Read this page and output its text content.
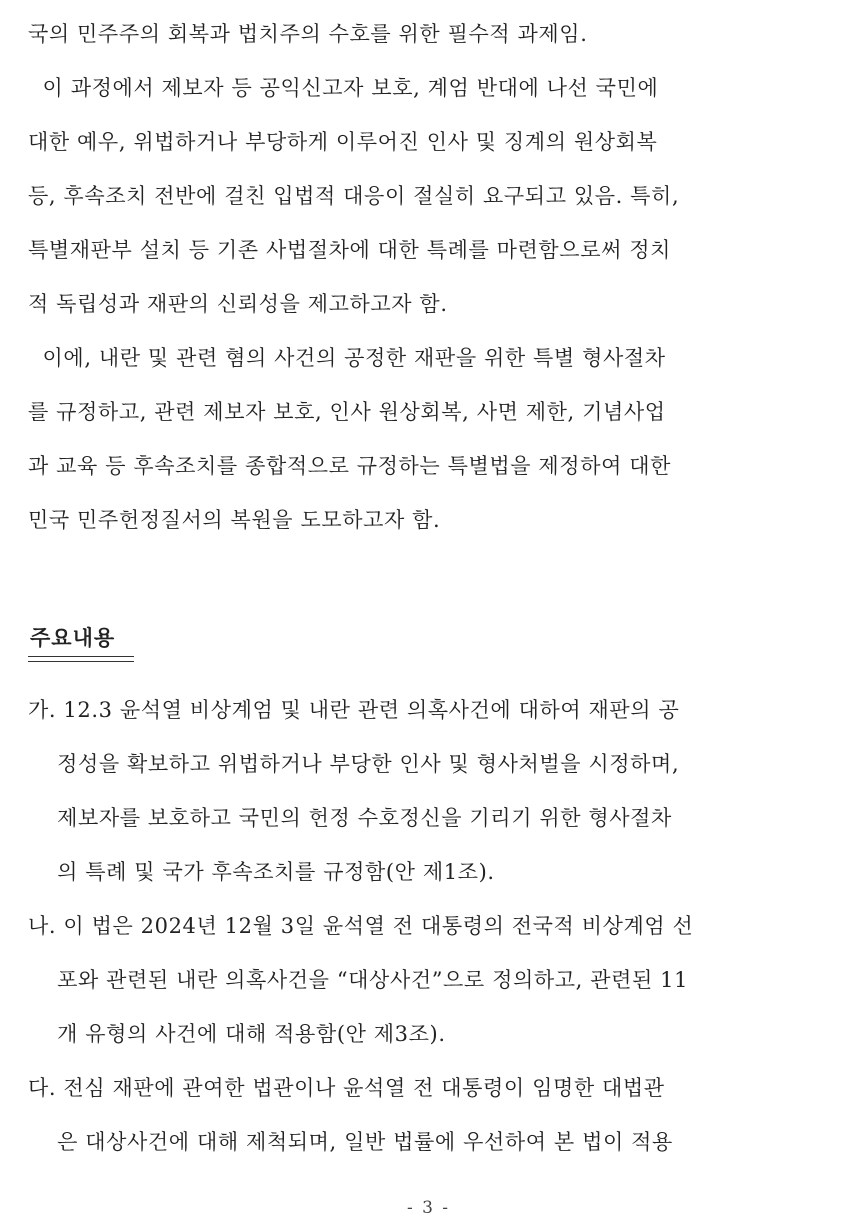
국의 민주주의 회복과 법치주의 수호를 위한 필수적 과제임.
이 과정에서 제보자 등 공익신고자 보호, 계엄 반대에 나선 국민에
대한 예우, 위법하거나 부당하게 이루어진 인사 및 징계의 원상회복
등, 후속조치 전반에 걸친 입법적 대응이 절실히 요구되고 있음. 특히,
특별재판부 설치 등 기존 사법절차에 대한 특례를 마련함으로써 정치
적 독립성과 재판의 신뢰성을 제고하고자 함.
이에, 내란 및 관련 혐의 사건의 공정한 재판을 위한 특별 형사절차
를 규정하고, 관련 제보자 보호, 인사 원상회복, 사면 제한, 기념사업
과 교육 등 후속조치를 종합적으로 규정하는 특별법을 제정하여 대한
민국 민주헌정질서의 복원을 도모하고자 함.
주요내용
가. 12.3 윤석열 비상계엄 및 내란 관련 의혹사건에 대하여 재판의 공
정성을 확보하고 위법하거나 부당한 인사 및 형사처벌을 시정하며,
제보자를 보호하고 국민의 헌정 수호정신을 기리기 위한 형사절차
의 특례 및 국가 후속조치를 규정함(안 제1조).
나. 이 법은 2024년 12월 3일 윤석열 전 대통령의 전국적 비상계엄 선
포와 관련된 내란 의혹사건을 “대상사건”으로 정의하고, 관련된 11
개 유형의 사건에 대해 적용함(안 제3조).
다. 전심 재판에 관여한 법관이나 윤석열 전 대통령이 임명한 대법관
은 대상사건에 대해 제척되며, 일반 법률에 우선하여 본 법이 적용
- 3 -
